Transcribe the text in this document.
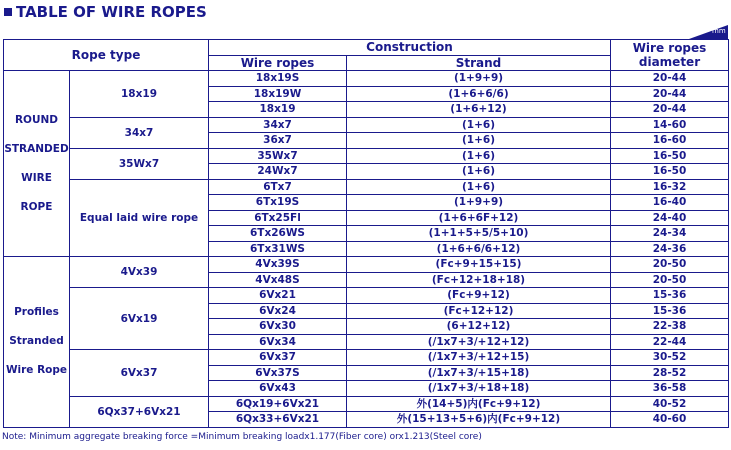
TABLE OF WIRE ROPES
mm
Rope type		Construction		Wire ropes
diameter

		Wire ropes	Strand	

ROUND
STRANDED
WIRE
ROPE	18x19	18x19S	(1+9+9)	20-44
		18x19W	(1+6+6/6)	20-44
		18x19	(1+6+12)	20-44
	34x7	34x7	(1+6)	14-60
		36x7	(1+6)	16-60
	35Wx7	35Wx7	(1+6)	16-50
		24Wx7	(1+6)	16-50
	Equal laid wire rope	6Tx7	(1+6)	16-32
		6Tx19S	(1+9+9)	16-40
		6Tx25Fl	(1+6+6F+12)	24-40
		6Tx26WS	(1+1+5+5/5+10)	24-34
		6Tx31WS	(1+6+6/6+12)	24-36

Profiles
Stranded
Wire Rope	4Vx39	4Vx39S	(Fc+9+15+15)	20-50
		4Vx48S	(Fc+12+18+18)	20-50
	6Vx19	6Vx21	(Fc+9+12)	15-36
		6Vx24	(Fc+12+12)	15-36
		6Vx30	(6+12+12)	22-38
		6Vx34	(/1x7+3/+12+12)	22-44
	6Vx37	6Vx37	(/1x7+3/+12+15)	30-52
		6Vx37S	(/1x7+3/+15+18)	28-52
		6Vx43	(/1x7+3/+18+18)	36-58
	6Qx37+6Vx21	6Qx19+6Vx21	外(14+5)内(Fc+9+12)	40-52
		6Qx33+6Vx21	外(15+13+5+6)内(Fc+9+12)	40-60
Note: Minimum aggregate breaking force =Minimum breaking loadx1.177(Fiber core) orx1.213(Steel core)
